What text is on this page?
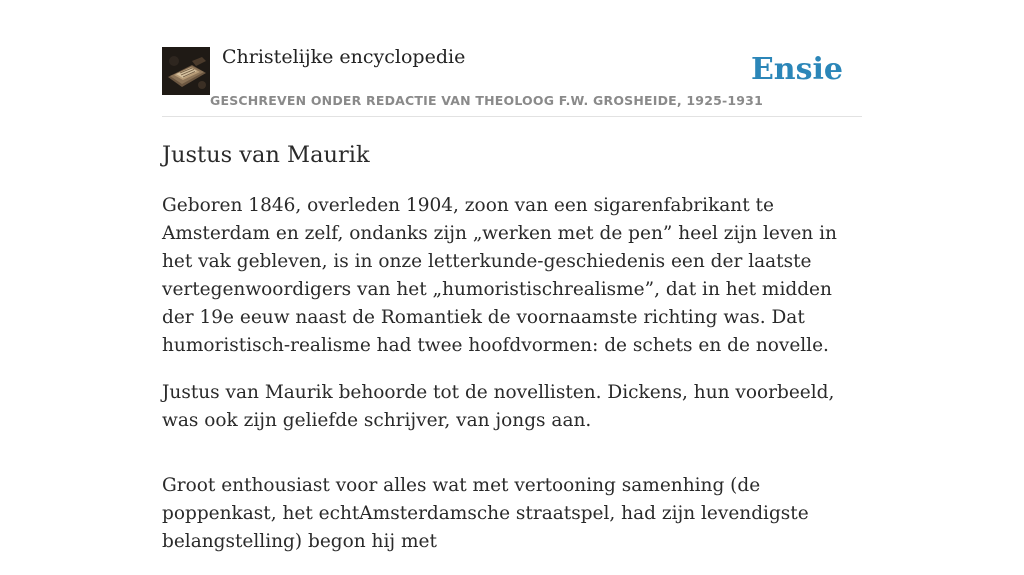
Christelijke encyclopedie
GESCHREVEN ONDER REDACTIE VAN THEOLOOG F.W. GROSHEIDE, 1925-1931
Ensie
Justus van Maurik

Geboren 1846, overleden 1904, zoon van een sigarenfabrikant te Amsterdam en zelf, ondanks zijn „werken met de pen” heel zijn leven in het vak gebleven, is in onze letterkunde-geschiedenis een der laatste vertegenwoordigers van het „humoristischrealisme”, dat in het midden der 19e eeuw naast de Romantiek de voornaamste richting was. Dat humoristisch-realisme had twee hoofdvormen: de schets en de novelle.

Justus van Maurik behoorde tot de novellisten. Dickens, hun voorbeeld, was ook zijn geliefde schrijver, van jongs aan.

Groot enthousiast voor alles wat met vertooning samenhing (de poppenkast, het echtAmsterdamsche straatspel, had zijn levendigste belangstelling) begon hij met
